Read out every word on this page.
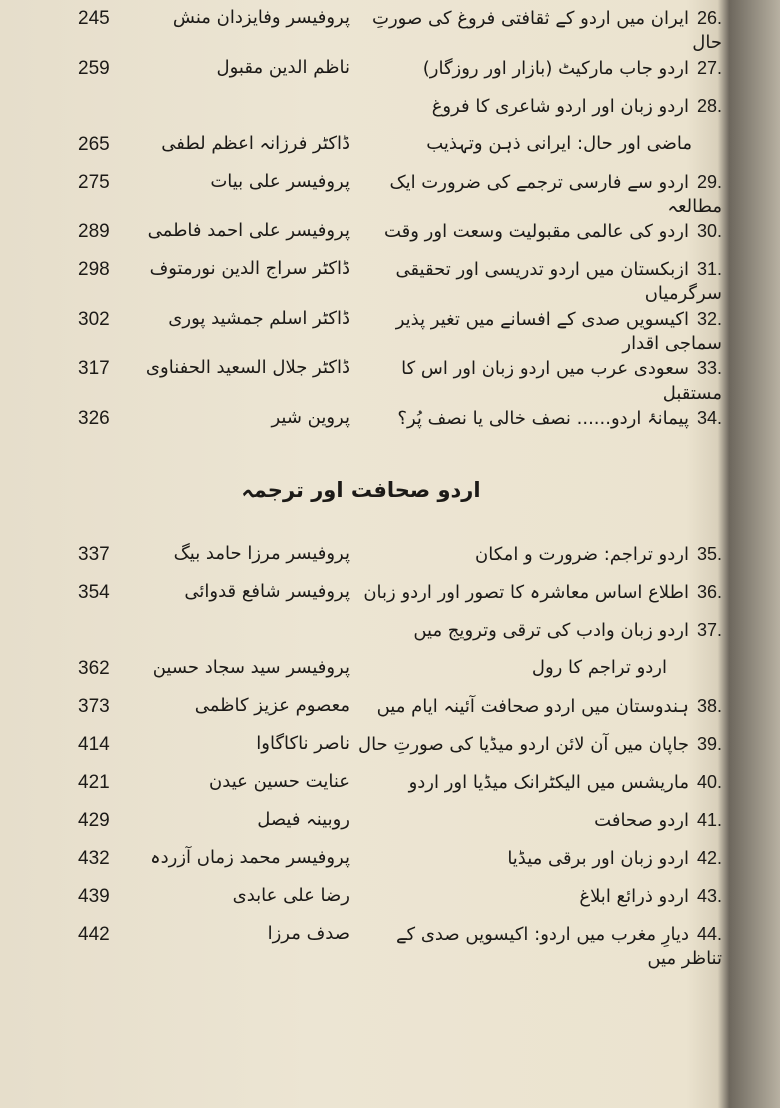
26.ایران میں اردو کے ثقافتی فروغ کی صورتِ حال
پروفیسر وفایزدان منش
245
27.اردو جاب مارکیٹ (بازار اور روزگار)
ناظم الدین مقبول
259
28.اردو زبان اور اردو شاعری کا فروغ
ماضی اور حال: ایرانی ذہن وتہذیب
ڈاکٹر فرزانہ اعظم لطفی
265
29.اردو سے فارسی ترجمے کی ضرورت ایک مطالعہ
پروفیسر علی بیات
275
30.اردو کی عالمی مقبولیت وسعت اور وقت
پروفیسر علی احمد فاطمی
289
31.ازبکستان میں اردو تدریسی اور تحقیقی سرگرمیاں
ڈاکٹر سراج الدین نورمتوف
298
32.اکیسویں صدی کے افسانے میں تغیر پذیر سماجی اقدار
ڈاکٹر اسلم جمشید پوری
302
33.سعودی عرب میں اردو زبان اور اس کا مستقبل
ڈاکٹر جلال السعید الحفناوی
317
34.پیمانۂ اردو...... نصف خالی یا نصف پُر؟
پروین شیر
326
اردو صحافت اور ترجمہ
35.اردو تراجم: ضرورت و امکان
پروفیسر مرزا حامد بیگ
337
36.اطلاع اساس معاشرہ کا تصور اور اردو زبان
پروفیسر شافع قدوائی
354
37.اردو زبان وادب کی ترقی وترویج میں
اردو تراجم کا رول
پروفیسر سید سجاد حسین
362
38.ہندوستان میں اردو صحافت آئینہ ایام میں
معصوم عزیز کاظمی
373
39.جاپان میں آن لائن اردو میڈیا کی صورتِ حال
ناصر ناکاگاوا
414
40.ماریشس میں الیکٹرانک میڈیا اور اردو
عنایت حسین عیدن
421
41.اردو صحافت
روبینہ فیصل
429
42.اردو زبان اور برقی میڈیا
پروفیسر محمد زماں آزردہ
432
43.اردو ذرائع ابلاغ
رضا علی عابدی
439
44.دیارِ مغرب میں اردو: اکیسویں صدی کے تناظر میں
صدف مرزا
442
